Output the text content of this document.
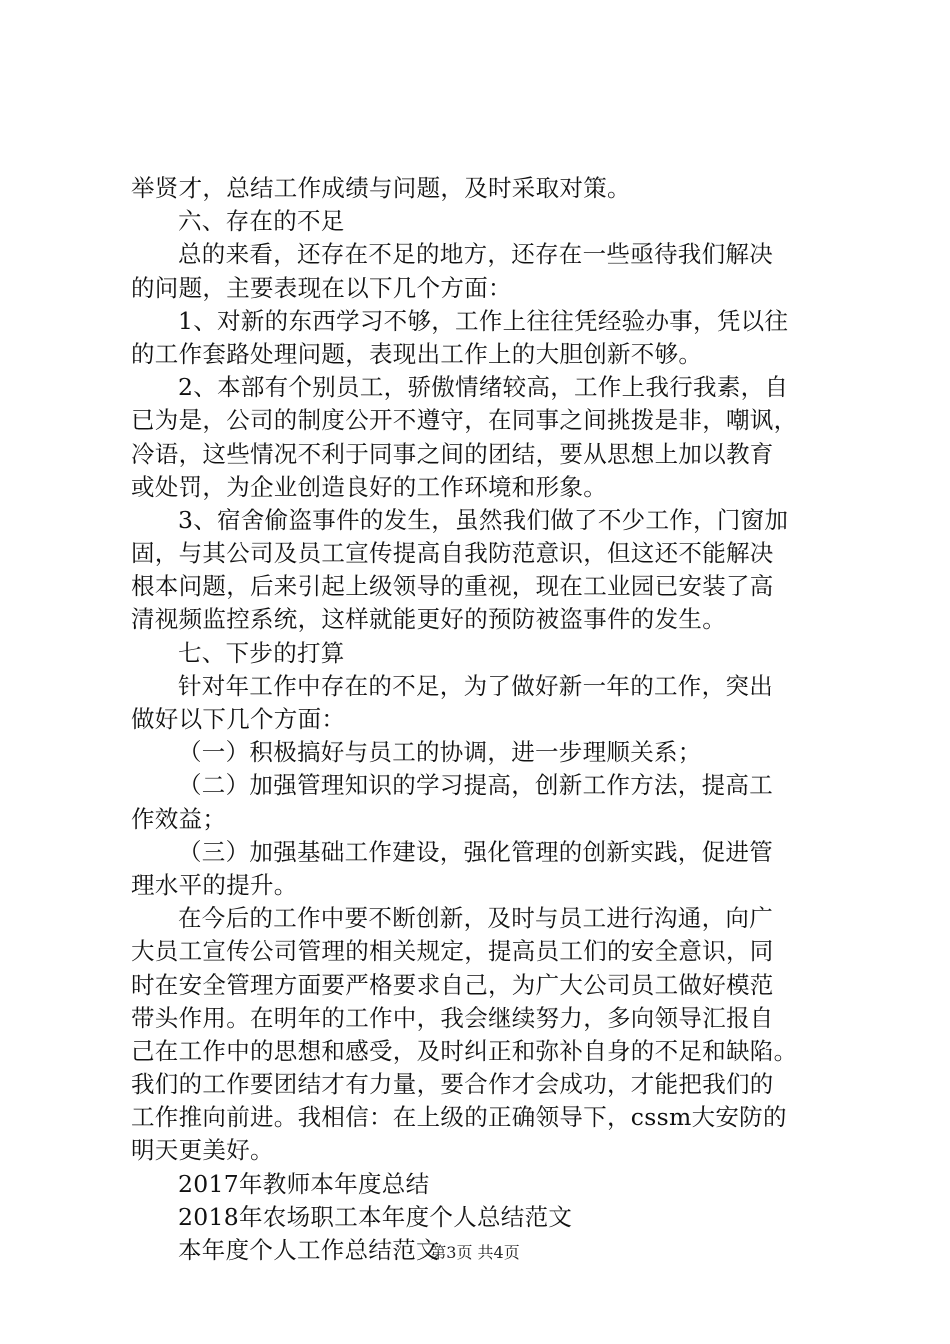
举贤才，总结工作成绩与问题，及时采取对策。
六、存在的不足
总的来看，还存在不足的地方，还存在一些亟待我们解决
的问题，主要表现在以下几个方面：
1、对新的东西学习不够，工作上往往凭经验办事，凭以往
的工作套路处理问题，表现出工作上的大胆创新不够。
2、本部有个别员工，骄傲情绪较高，工作上我行我素，自
已为是，公司的制度公开不遵守，在同事之间挑拨是非，嘲讽，
冷语，这些情况不利于同事之间的团结，要从思想上加以教育
或处罚，为企业创造良好的工作环境和形象。
3、宿舍偷盗事件的发生，虽然我们做了不少工作，门窗加
固，与其公司及员工宣传提高自我防范意识，但这还不能解决
根本问题，后来引起上级领导的重视，现在工业园已安装了高
清视频监控系统，这样就能更好的预防被盗事件的发生。
七、下步的打算
针对年工作中存在的不足，为了做好新一年的工作，突出
做好以下几个方面：
（一）积极搞好与员工的协调，进一步理顺关系；
（二）加强管理知识的学习提高，创新工作方法，提高工
作效益；
（三）加强基础工作建设，强化管理的创新实践，促进管
理水平的提升。
在今后的工作中要不断创新，及时与员工进行沟通，向广
大员工宣传公司管理的相关规定，提高员工们的安全意识，同
时在安全管理方面要严格要求自己，为广大公司员工做好模范
带头作用。在明年的工作中，我会继续努力，多向领导汇报自
己在工作中的思想和感受，及时纠正和弥补自身的不足和缺陷。
我们的工作要团结才有力量，要合作才会成功，才能把我们的
工作推向前进。我相信：在上级的正确领导下，cssm大安防的
明天更美好。
2017年教师本年度总结
2018年农场职工本年度个人总结范文
本年度个人工作总结范文
第3页 共4页
